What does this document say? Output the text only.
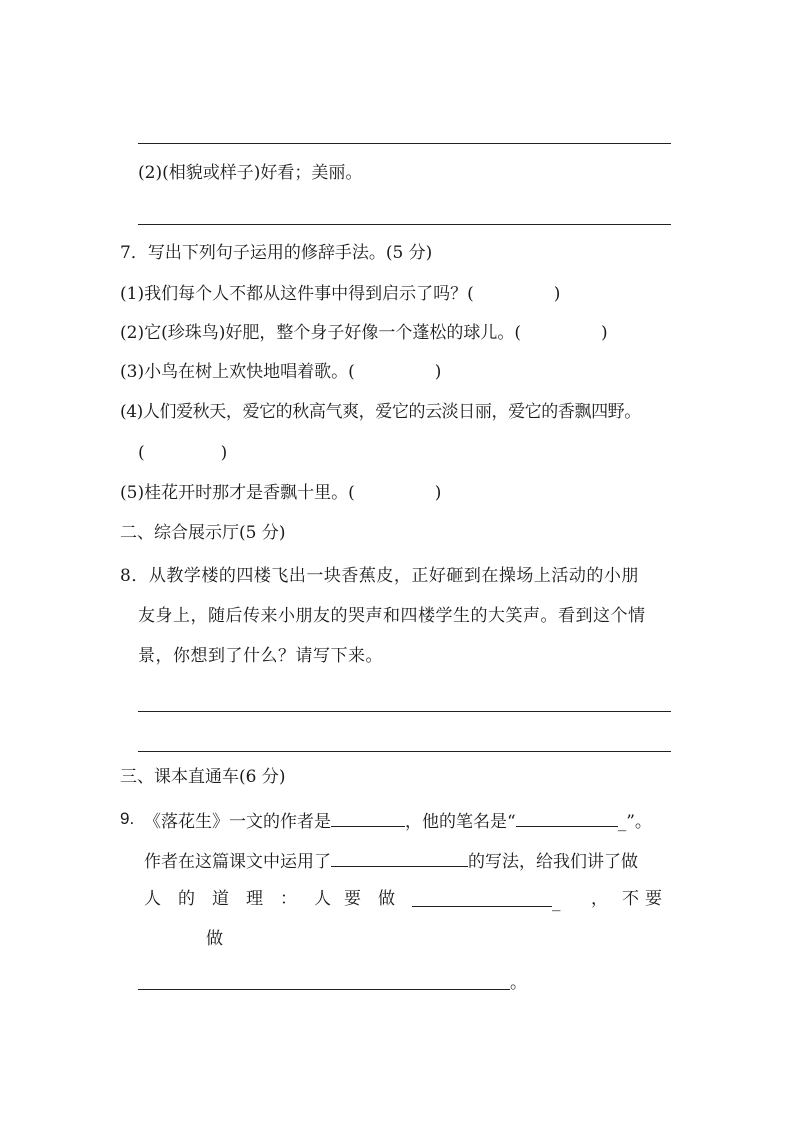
(2)(相貌或样子)好看；美丽。
7．写出下列句子运用的修辞手法。(5 分)
(1)我们每个人不都从这件事中得到启示了吗？(	)
(2)它(珍珠鸟)好肥，整个身子好像一个蓬松的球儿。(	)
(3)小鸟在树上欢快地唱着歌。(	)
(4)人们爱秋天，爱它的秋高气爽，爱它的云淡日丽，爱它的香飘四野。
(	)
(5)桂花开时那才是香飘十里。(	)
二、综合展示厅(5 分)
8．从教学楼的四楼飞出一块香蕉皮，正好砸到在操场上活动的小朋
友身上，随后传来小朋友的哭声和四楼学生的大笑声。看到这个情
景，你想到了什么？请写下来。
三、课本直通车(6 分)
9. 《落花生》一文的作者是	，他的笔名是“	_”。
作者在这篇课文中运用了	的写法，给我们讲了做
人 的 道 理 ： 人 要 做	_ ， 不要
做
。
